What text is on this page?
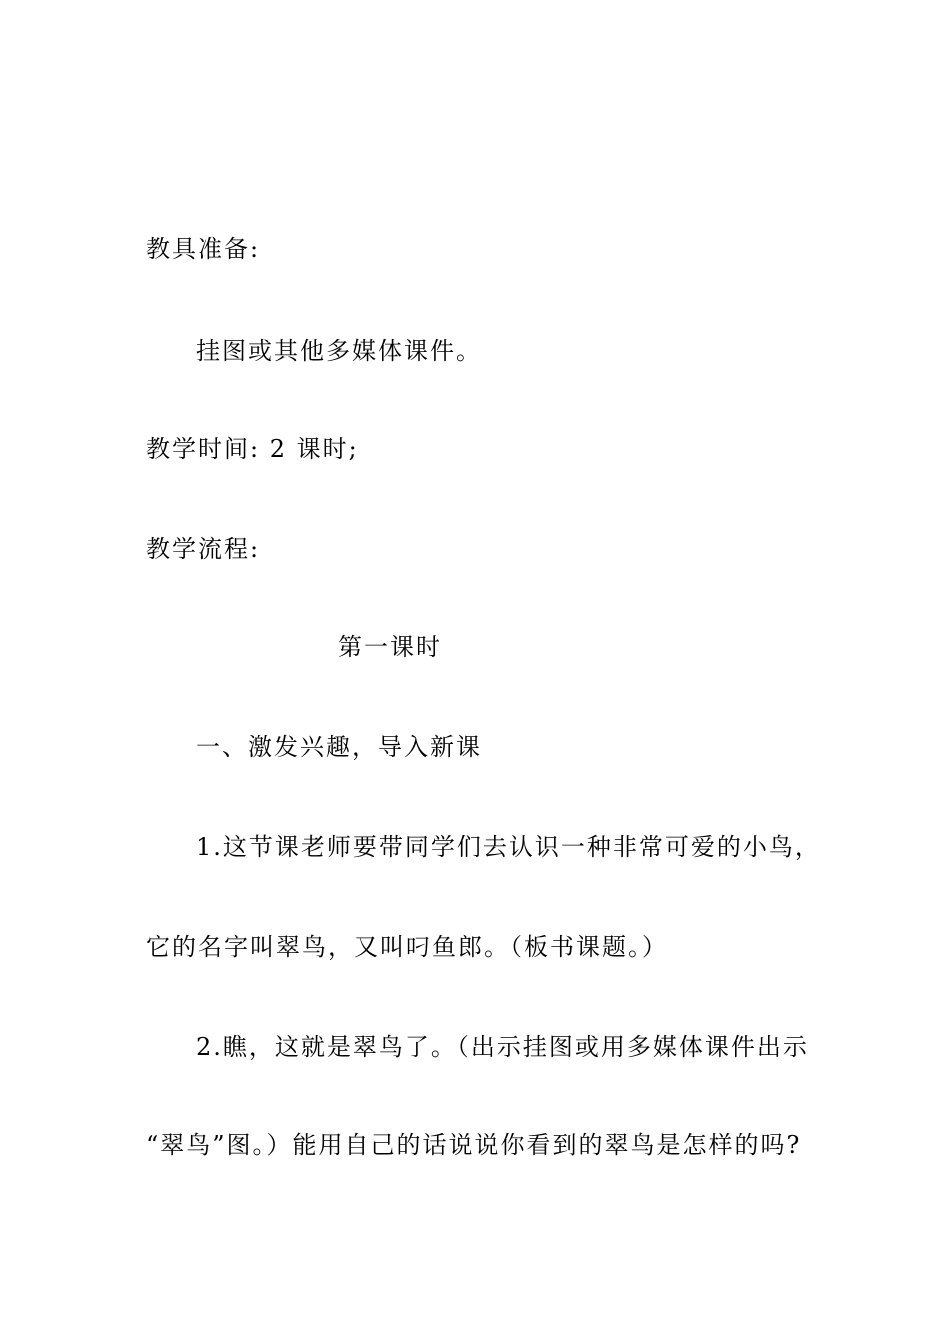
教具准备:
挂图或其他多媒体课件。
教学时间: 2 课时;
教学流程:
第一课时
一、激发兴趣，导入新课
1.这节课老师要带同学们去认识一种非常可爱的小鸟，
它的名字叫翠鸟，又叫叼鱼郎。（板书课题。）
2.瞧，这就是翠鸟了。（出示挂图或用多媒体课件出示
“翠鸟”图。）能用自己的话说说你看到的翠鸟是怎样的吗?
